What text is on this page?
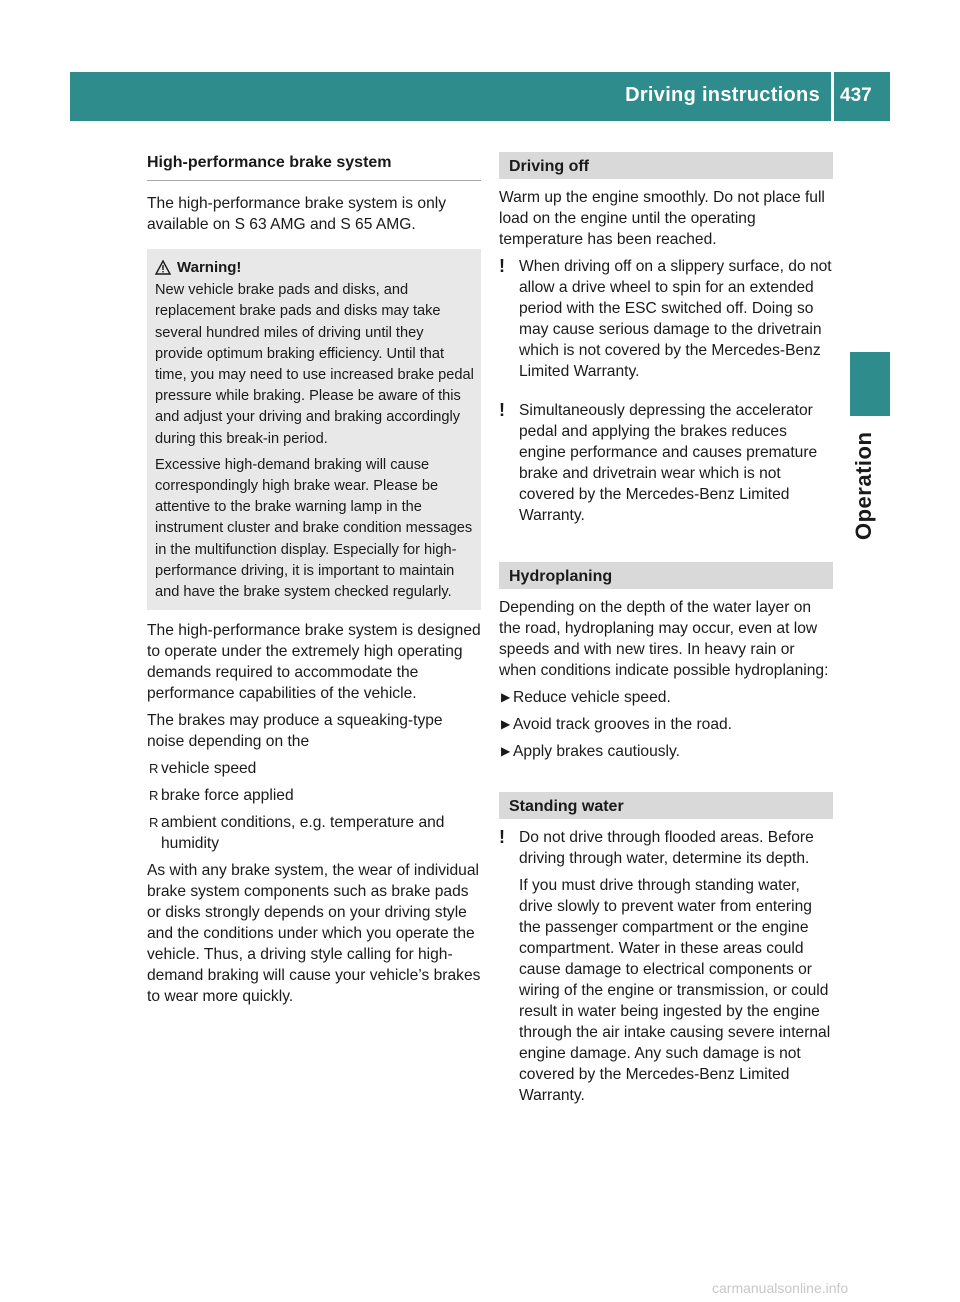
Driving instructions 437
Operation
High-performance brake system

The high-performance brake system is only available on S 63 AMG and S 65 AMG.

Warning!

New vehicle brake pads and disks, and replacement brake pads and disks may take several hundred miles of driving until they provide optimum braking efficiency. Until that time, you may need to use increased brake pedal pressure while braking. Please be aware of this and adjust your driving and braking accordingly during this break-in period.

Excessive high-demand braking will cause correspondingly high brake wear. Please be attentive to the brake warning lamp in the instrument cluster and brake condition messages in the multifunction display. Especially for high-performance driving, it is important to maintain and have the brake system checked regularly.

The high-performance brake system is designed to operate under the extremely high operating demands required to accommodate the performance capabilities of the vehicle.

The brakes may produce a squeaking-type noise depending on the

R vehicle speed
R brake force applied
R ambient conditions, e.g. temperature and humidity

As with any brake system, the wear of individual brake system components such as brake pads or disks strongly depends on your driving style and the conditions under which you operate the vehicle. Thus, a driving style calling for high-demand braking will cause your vehicle’s brakes to wear more quickly.

Driving off

Warm up the engine smoothly. Do not place full load on the engine until the operating temperature has been reached.

! When driving off on a slippery surface, do not allow a drive wheel to spin for an extended period with the ESC switched off. Doing so may cause serious damage to the drivetrain which is not covered by the Mercedes-Benz Limited Warranty.

! Simultaneously depressing the accelerator pedal and applying the brakes reduces engine performance and causes premature brake and drivetrain wear which is not covered by the Mercedes-Benz Limited Warranty.

Hydroplaning

Depending on the depth of the water layer on the road, hydroplaning may occur, even at low speeds and with new tires. In heavy rain or when conditions indicate possible hydroplaning:

▶ Reduce vehicle speed.
▶ Avoid track grooves in the road.
▶ Apply brakes cautiously.
Standing water
! Do not drive through flooded areas. Before driving through water, determine its depth.

If you must drive through standing water, drive slowly to prevent water from entering the passenger compartment or the engine compartment. Water in these areas could cause damage to electrical components or wiring of the engine or transmission, or could result in water being ingested by the engine through the air intake causing severe internal engine damage. Any such damage is not covered by the Mercedes-Benz Limited Warranty.

carmanualsonline.info
